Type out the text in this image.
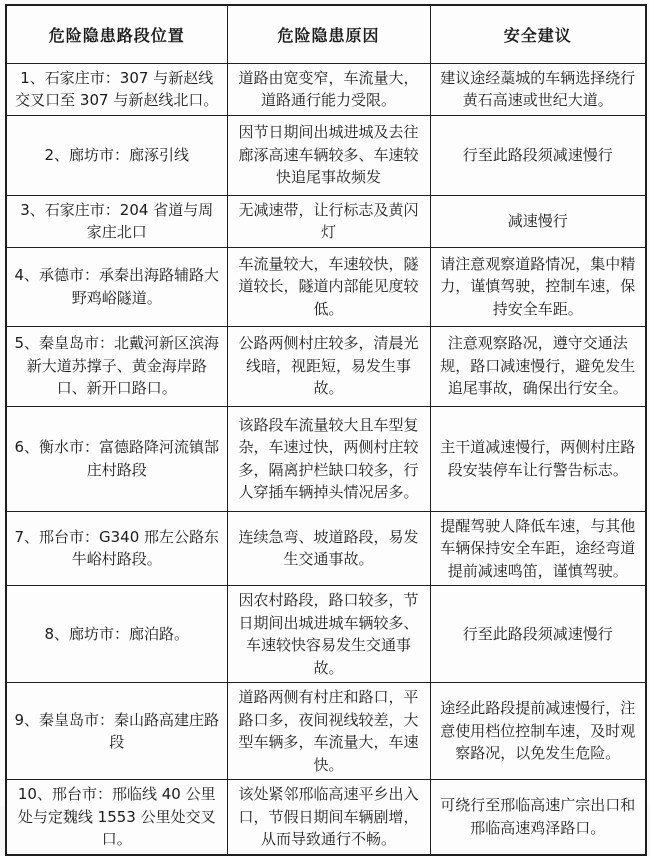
危险隐患路段位置	危险隐患原因	安全建议
1、石家庄市：307 与新赵线交叉口至 307 与新赵线北口。	道路由宽变窄，车流量大，道路通行能力受限。	建议途经藁城的车辆选择绕行黄石高速或世纪大道。
2、廊坊市：廊涿引线	因节日期间出城进城及去往廊涿高速车辆较多、车速较快追尾事故频发	行至此路段须减速慢行
3、石家庄市：204 省道与周家庄北口	无减速带，让行标志及黄闪灯	减速慢行
4、承德市：承秦出海路辅路大野鸡峪隧道。	车流量较大，车速较快，隧道较长，隧道内部能见度较低。	请注意观察道路情况，集中精力，谨慎驾驶，控制车速，保持安全车距。
5、秦皇岛市：北戴河新区滨海新大道苏撑子、黄金海岸路口、新开口路口。	公路两侧村庄较多，清晨光线暗，视距短，易发生事故。	注意观察路况，遵守交通法规，路口减速慢行，避免发生追尾事故，确保出行安全。
6、衡水市：富德路降河流镇郜庄村路段	该路段车流量较大且车型复杂，车速过快，两侧村庄较多，隔离护栏缺口较多，行人穿插车辆掉头情况居多。	主干道减速慢行，两侧村庄路段安装停车让行警告标志。
7、邢台市：G340 邢左公路东牛峪村路段。	连续急弯、坡道路段，易发生交通事故。	提醒驾驶人降低车速，与其他车辆保持安全车距，途经弯道提前减速鸣笛，谨慎驾驶。
8、廊坊市：廊泊路。	因农村路段，路口较多，节日期间出城进城车辆较多、车速较快容易发生交通事故。	行至此路段须减速慢行
9、秦皇岛市：秦山路高建庄路段	道路两侧有村庄和路口，平路口多，夜间视线较差，大型车辆多，车流量大，车速快。	途经此路段提前减速慢行，注意使用档位控制车速，及时观察路况，以免发生危险。
10、邢台市：邢临线 40 公里处与定魏线 1553 公里处交叉口。	该处紧邻邢临高速平乡出入口，节假日期间车辆剧增，从而导致通行不畅。	可绕行至邢临高速广宗出口和邢临高速鸡泽路口。
